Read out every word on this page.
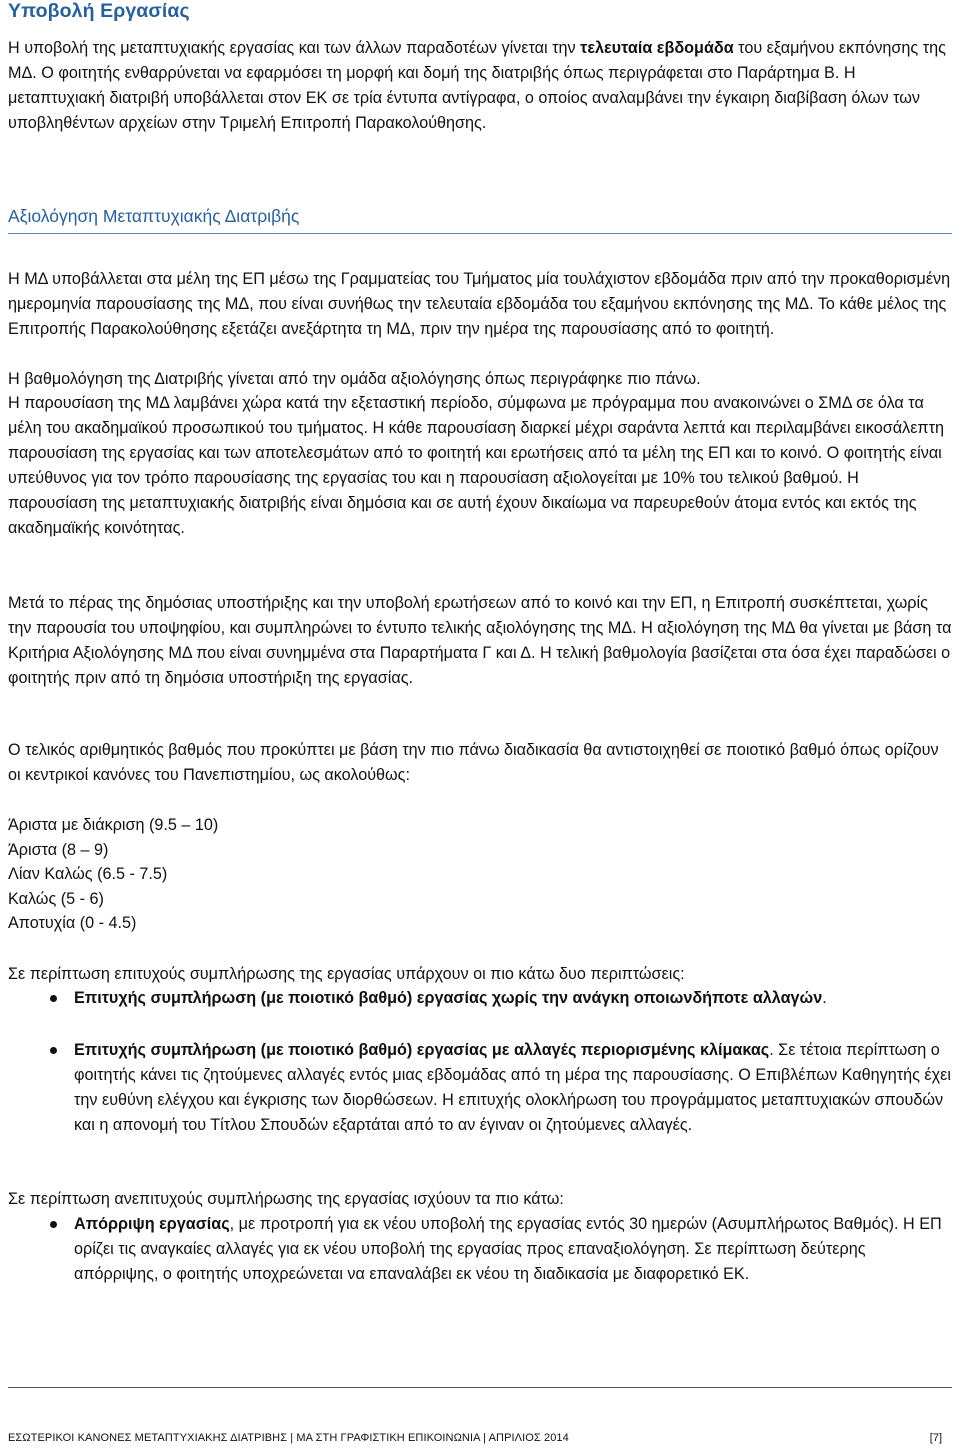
Υποβολή Εργασίας
Η υποβολή της μεταπτυχιακής εργασίας και των άλλων παραδοτέων γίνεται την τελευταία εβδομάδα του εξαμήνου εκπόνησης της ΜΔ. Ο φοιτητής ενθαρρύνεται να εφαρμόσει τη μορφή και δομή της διατριβής όπως περιγράφεται στο Παράρτημα Β. Η μεταπτυχιακή διατριβή υποβάλλεται στον ΕΚ σε τρία έντυπα αντίγραφα, ο οποίος αναλαμβάνει την έγκαιρη διαβίβαση όλων των υποβληθέντων αρχείων στην Τριμελή Επιτροπή Παρακολούθησης.
Αξιολόγηση Μεταπτυχιακής Διατριβής
Η ΜΔ υποβάλλεται στα μέλη της ΕΠ μέσω της Γραμματείας του Τμήματος μία τουλάχιστον εβδομάδα πριν από την προκαθορισμένη ημερομηνία παρουσίασης της ΜΔ, που είναι συνήθως την τελευταία εβδομάδα του εξαμήνου εκπόνησης της ΜΔ. Το κάθε μέλος της Επιτροπής Παρακολούθησης εξετάζει ανεξάρτητα τη ΜΔ, πριν την ημέρα της παρουσίασης από το φοιτητή.
Η βαθμολόγηση της Διατριβής γίνεται από την ομάδα αξιολόγησης όπως περιγράφηκε πιο πάνω.
Η παρουσίαση της ΜΔ λαμβάνει χώρα κατά την εξεταστική περίοδο, σύμφωνα με πρόγραμμα που ανακοινώνει ο ΣΜΔ σε όλα τα μέλη του ακαδημαϊκού προσωπικού του τμήματος. Η κάθε παρουσίαση διαρκεί μέχρι σαράντα λεπτά και περιλαμβάνει εικοσάλεπτη παρουσίαση της εργασίας και των αποτελεσμάτων από το φοιτητή και ερωτήσεις από τα μέλη της ΕΠ και το κοινό. Ο φοιτητής είναι υπεύθυνος για τον τρόπο παρουσίασης της εργασίας του και η παρουσίαση αξιολογείται με 10% του τελικού βαθμού. Η παρουσίαση της μεταπτυχιακής διατριβής είναι δημόσια και σε αυτή έχουν δικαίωμα να παρευρεθούν άτομα εντός και εκτός της ακαδημαϊκής κοινότητας.
Μετά το πέρας της δημόσιας υποστήριξης και την υποβολή ερωτήσεων από το κοινό και την ΕΠ, η Επιτροπή συσκέπτεται, χωρίς την παρουσία του υποψηφίου, και συμπληρώνει το έντυπο τελικής αξιολόγησης της ΜΔ. Η αξιολόγηση της ΜΔ θα γίνεται με βάση τα Κριτήρια Αξιολόγησης ΜΔ που είναι συνημμένα στα Παραρτήματα Γ και Δ. Η τελική βαθμολογία βασίζεται στα όσα έχει παραδώσει ο φοιτητής πριν από τη δημόσια υποστήριξη της εργασίας.
Ο τελικός αριθμητικός βαθμός που προκύπτει με βάση την πιο πάνω διαδικασία θα αντιστοιχηθεί σε ποιοτικό βαθμό όπως ορίζουν οι κεντρικοί κανόνες του Πανεπιστημίου, ως ακολούθως:
Άριστα με διάκριση (9.5 – 10)
Άριστα (8 – 9)
Λίαν Καλώς (6.5 - 7.5)
Καλώς (5 - 6)
Αποτυχία (0 - 4.5)
Σε περίπτωση επιτυχούς συμπλήρωσης της εργασίας υπάρχουν οι πιο κάτω δυο περιπτώσεις:
Επιτυχής συμπλήρωση (με ποιοτικό βαθμό) εργασίας χωρίς την ανάγκη οποιωνδήποτε αλλαγών.
Επιτυχής συμπλήρωση (με ποιοτικό βαθμό) εργασίας με αλλαγές περιορισμένης κλίμακας. Σε τέτοια περίπτωση ο φοιτητής κάνει τις ζητούμενες αλλαγές εντός μιας εβδομάδας από τη μέρα της παρουσίασης. Ο Επιβλέπων Καθηγητής έχει την ευθύνη ελέγχου και έγκρισης των διορθώσεων. Η επιτυχής ολοκλήρωση του προγράμματος μεταπτυχιακών σπουδών και η απονομή του Τίτλου Σπουδών εξαρτάται από το αν έγιναν οι ζητούμενες αλλαγές.
Σε περίπτωση ανεπιτυχούς συμπλήρωσης της εργασίας ισχύουν τα πιο κάτω:
Απόρριψη εργασίας, με προτροπή για εκ νέου υποβολή της εργασίας εντός 30 ημερών (Ασυμπλήρωτος Βαθμός). Η ΕΠ ορίζει τις αναγκαίες αλλαγές για εκ νέου υποβολή της εργασίας προς επαναξιολόγηση. Σε περίπτωση δεύτερης απόρριψης, ο φοιτητής υποχρεώνεται να επαναλάβει εκ νέου τη διαδικασία με διαφορετικό ΕΚ.
ΕΣΩΤΕΡΙΚΟΙ ΚΑΝΟΝΕΣ ΜΕΤΑΠΤΥΧΙΑΚΗΣ ΔΙΑΤΡΙΒΗΣ | ΜΑ ΣΤΗ ΓΡΑΦΙΣΤΙΚΗ ΕΠΙΚΟΙΝΩΝΙΑ | ΑΠΡΙΛΙΟΣ 2014	[7]
